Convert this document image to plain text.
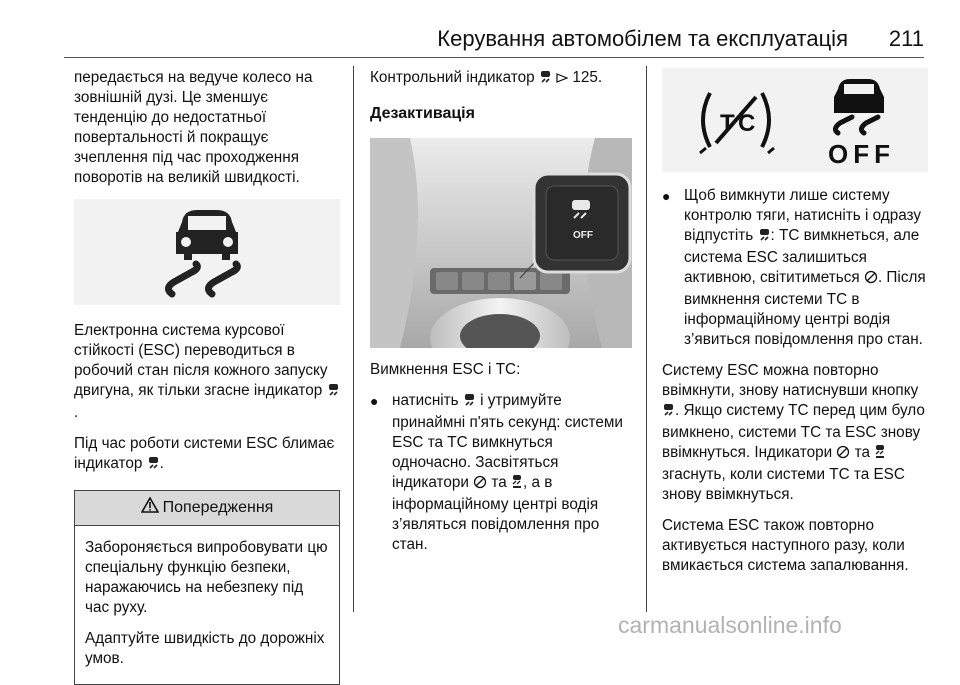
Керування автомобілем та експлуатація 211

передається на ведуче колесо на зовнішній дузі. Це зменшує тенденцію до недостатньої повертальності й покращує зчеплення під час проходження поворотів на великій швидкості.

Електронна система курсової стійкості (ESC) переводиться в робочий стан після кожного запуску двигуна, як тільки згасне індикатор .

Під час роботи системи ESC блимає індикатор .

Попередження

Забороняється випробовувати цю спеціальну функцію безпеки, наражаючись на небезпеку під час руху.

Адаптуйте швидкість до дорожніх умов.

Контрольний індикатор   125.

Дезактивація
OFF

Вимкнення ESC і TC:

● натисніть  і утримуйте принаймні п'ять секунд: системи ESC та TC вимкнуться одночасно. Засвітяться індикатори  та , а в інформаційному центрі водія з’являться повідомлення про стан.
T C
OFF
● Щоб вимкнути лише систему контролю тяги, натисніть і одразу відпустіть : TC вимкнеться, але система ESC залишиться активною, світитиметься . Після вимкнення системи TC в інформаційному центрі водія з’явиться повідомлення про стан.

Систему ESC можна повторно ввімкнути, знову натиснувши кнопку . Якщо систему TC перед цим було вимкнено, системи TC та ESC знову ввімкнуться. Індикатори  та  згаснуть, коли системи TC та ESC знову ввімкнуться.

Система ESC також повторно активується наступного разу, коли вмикається система запалювання.

carmanualsonline.info
